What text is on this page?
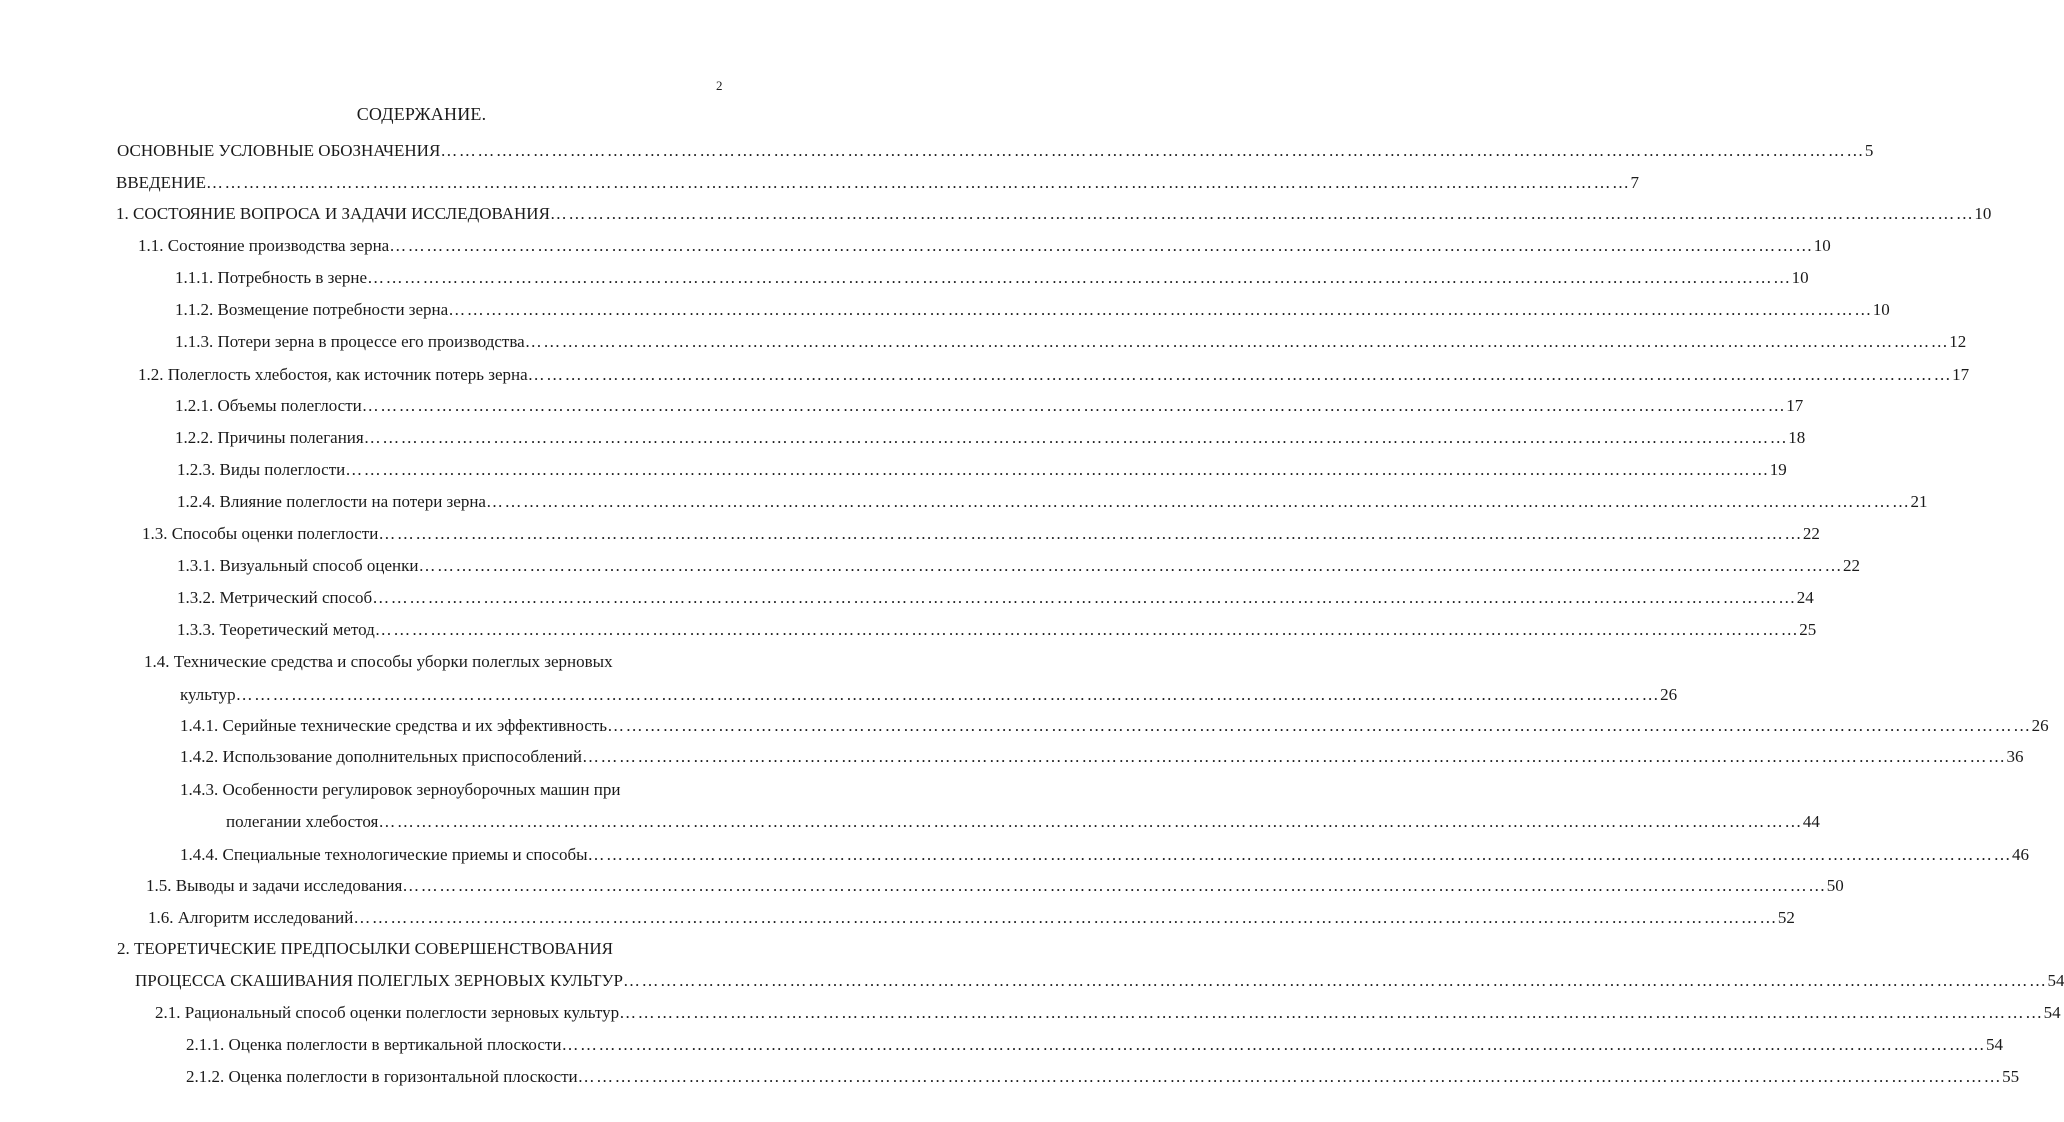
2
СОДЕРЖАНИЕ.
ОСНОВНЫЕ УСЛОВНЫЕ ОБОЗНАЧЕНИЯ …………………………………………………………………………………………………………………………………………………………………………………………………………… 5
ВВЕДЕНИЕ …………………………………………………………………………………………………………………………………………………………………………………………………………… 7
1. СОСТОЯНИЕ ВОПРОСА И ЗАДАЧИ ИССЛЕДОВАНИЯ …………………………………………………………………………………………………………………………………………………………………………………………………………… 10
1.1. Состояние производства зерна …………………………………………………………………………………………………………………………………………………………………………………………………………… 10
1.1.1. Потребность в зерне …………………………………………………………………………………………………………………………………………………………………………………………………………… 10
1.1.2. Возмещение потребности зерна …………………………………………………………………………………………………………………………………………………………………………………………………………… 10
1.1.3. Потери зерна в процессе его производства …………………………………………………………………………………………………………………………………………………………………………………………………………… 12
1.2. Полеглость хлебостоя, как источник потерь зерна …………………………………………………………………………………………………………………………………………………………………………………………………………… 17
1.2.1. Объемы полеглости …………………………………………………………………………………………………………………………………………………………………………………………………………… 17
1.2.2. Причины полегания …………………………………………………………………………………………………………………………………………………………………………………………………………… 18
1.2.3. Виды полеглости …………………………………………………………………………………………………………………………………………………………………………………………………………… 19
1.2.4. Влияние полеглости на потери зерна …………………………………………………………………………………………………………………………………………………………………………………………………………… 21
1.3. Способы оценки полеглости …………………………………………………………………………………………………………………………………………………………………………………………………………… 22
1.3.1. Визуальный способ оценки …………………………………………………………………………………………………………………………………………………………………………………………………………… 22
1.3.2. Метрический способ …………………………………………………………………………………………………………………………………………………………………………………………………………… 24
1.3.3. Теоретический метод …………………………………………………………………………………………………………………………………………………………………………………………………………… 25
1.4. Технические средства и способы уборки полеглых зерновых
культур …………………………………………………………………………………………………………………………………………………………………………………………………………… 26
1.4.1. Серийные технические средства и их эффективность …………………………………………………………………………………………………………………………………………………………………………………………………………… 26
1.4.2. Использование дополнительных приспособлений …………………………………………………………………………………………………………………………………………………………………………………………………………… 36
1.4.3. Особенности регулировок зерноуборочных машин при
полегании хлебостоя …………………………………………………………………………………………………………………………………………………………………………………………………………… 44
1.4.4. Специальные технологические приемы и способы …………………………………………………………………………………………………………………………………………………………………………………………………………… 46
1.5. Выводы и задачи исследования …………………………………………………………………………………………………………………………………………………………………………………………………………… 50
1.6. Алгоритм исследований …………………………………………………………………………………………………………………………………………………………………………………………………………… 52
2. ТЕОРЕТИЧЕСКИЕ ПРЕДПОСЫЛКИ СОВЕРШЕНСТВОВАНИЯ
ПРОЦЕССА СКАШИВАНИЯ ПОЛЕГЛЫХ ЗЕРНОВЫХ КУЛЬТУР …………………………………………………………………………………………………………………………………………………………………………………………………………… 54
2.1. Рациональный способ оценки полеглости зерновых культур …………………………………………………………………………………………………………………………………………………………………………………………………………… 54
2.1.1. Оценка полеглости в вертикальной плоскости …………………………………………………………………………………………………………………………………………………………………………………………………………… 54
2.1.2. Оценка полеглости в горизонтальной плоскости …………………………………………………………………………………………………………………………………………………………………………………………………………… 55
